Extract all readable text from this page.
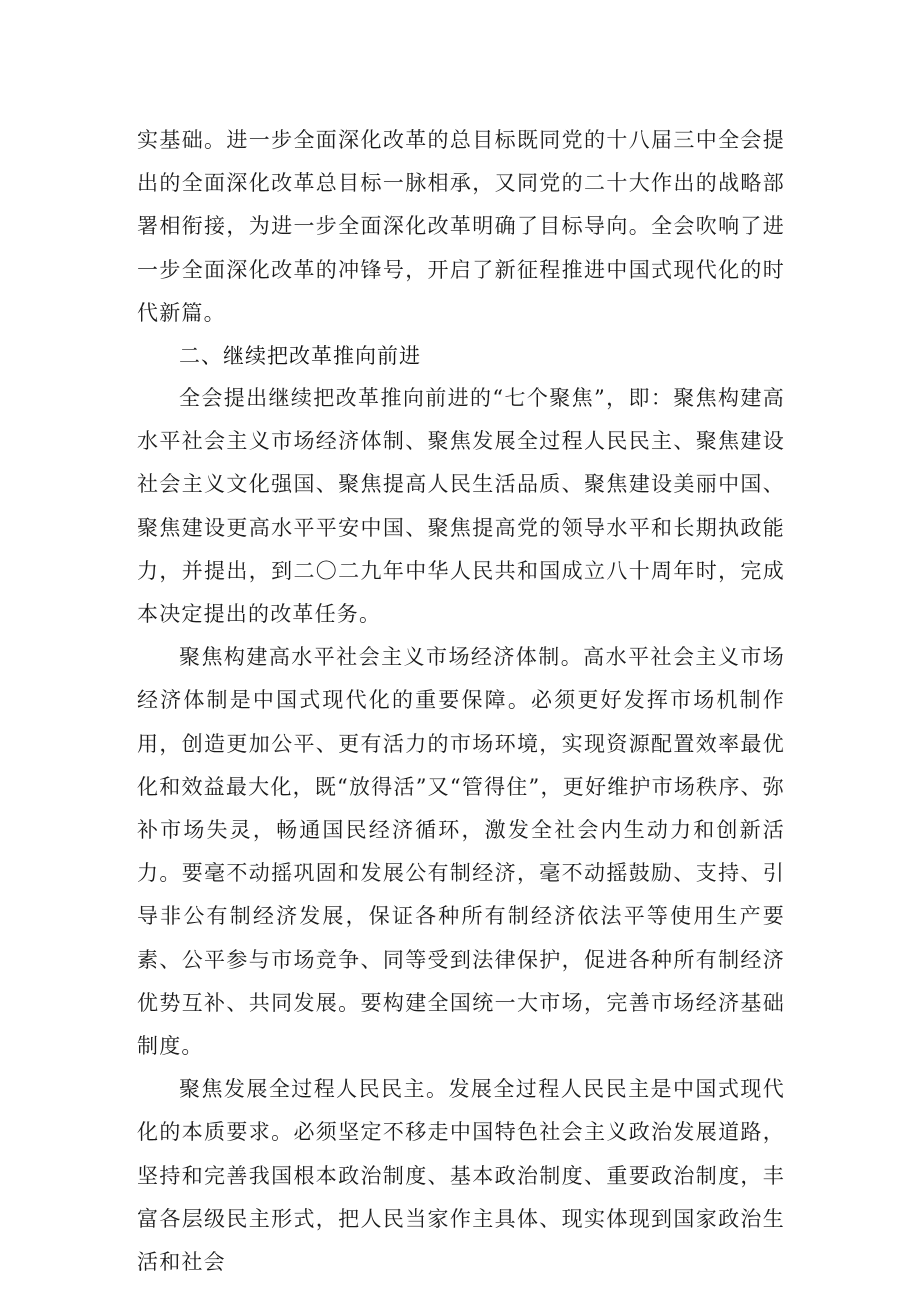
实基础。进一步全面深化改革的总目标既同党的十八届三中全会提出的全面深化改革总目标一脉相承，又同党的二十大作出的战略部署相衔接，为进一步全面深化改革明确了目标导向。全会吹响了进一步全面深化改革的冲锋号，开启了新征程推进中国式现代化的时代新篇。

二、继续把改革推向前进

全会提出继续把改革推向前进的“七个聚焦”，即：聚焦构建高水平社会主义市场经济体制、聚焦发展全过程人民民主、聚焦建设社会主义文化强国、聚焦提高人民生活品质、聚焦建设美丽中国、聚焦建设更高水平平安中国、聚焦提高党的领导水平和长期执政能力，并提出，到二〇二九年中华人民共和国成立八十周年时，完成本决定提出的改革任务。

聚焦构建高水平社会主义市场经济体制。高水平社会主义市场经济体制是中国式现代化的重要保障。必须更好发挥市场机制作用，创造更加公平、更有活力的市场环境，实现资源配置效率最优化和效益最大化，既“放得活”又“管得住”，更好维护市场秩序、弥补市场失灵，畅通国民经济循环，激发全社会内生动力和创新活力。要毫不动摇巩固和发展公有制经济，毫不动摇鼓励、支持、引导非公有制经济发展，保证各种所有制经济依法平等使用生产要素、公平参与市场竞争、同等受到法律保护，促进各种所有制经济优势互补、共同发展。要构建全国统一大市场，完善市场经济基础制度。

聚焦发展全过程人民民主。发展全过程人民民主是中国式现代化的本质要求。必须坚定不移走中国特色社会主义政治发展道路，坚持和完善我国根本政治制度、基本政治制度、重要政治制度，丰富各层级民主形式，把人民当家作主具体、现实体现到国家政治生活和社会
